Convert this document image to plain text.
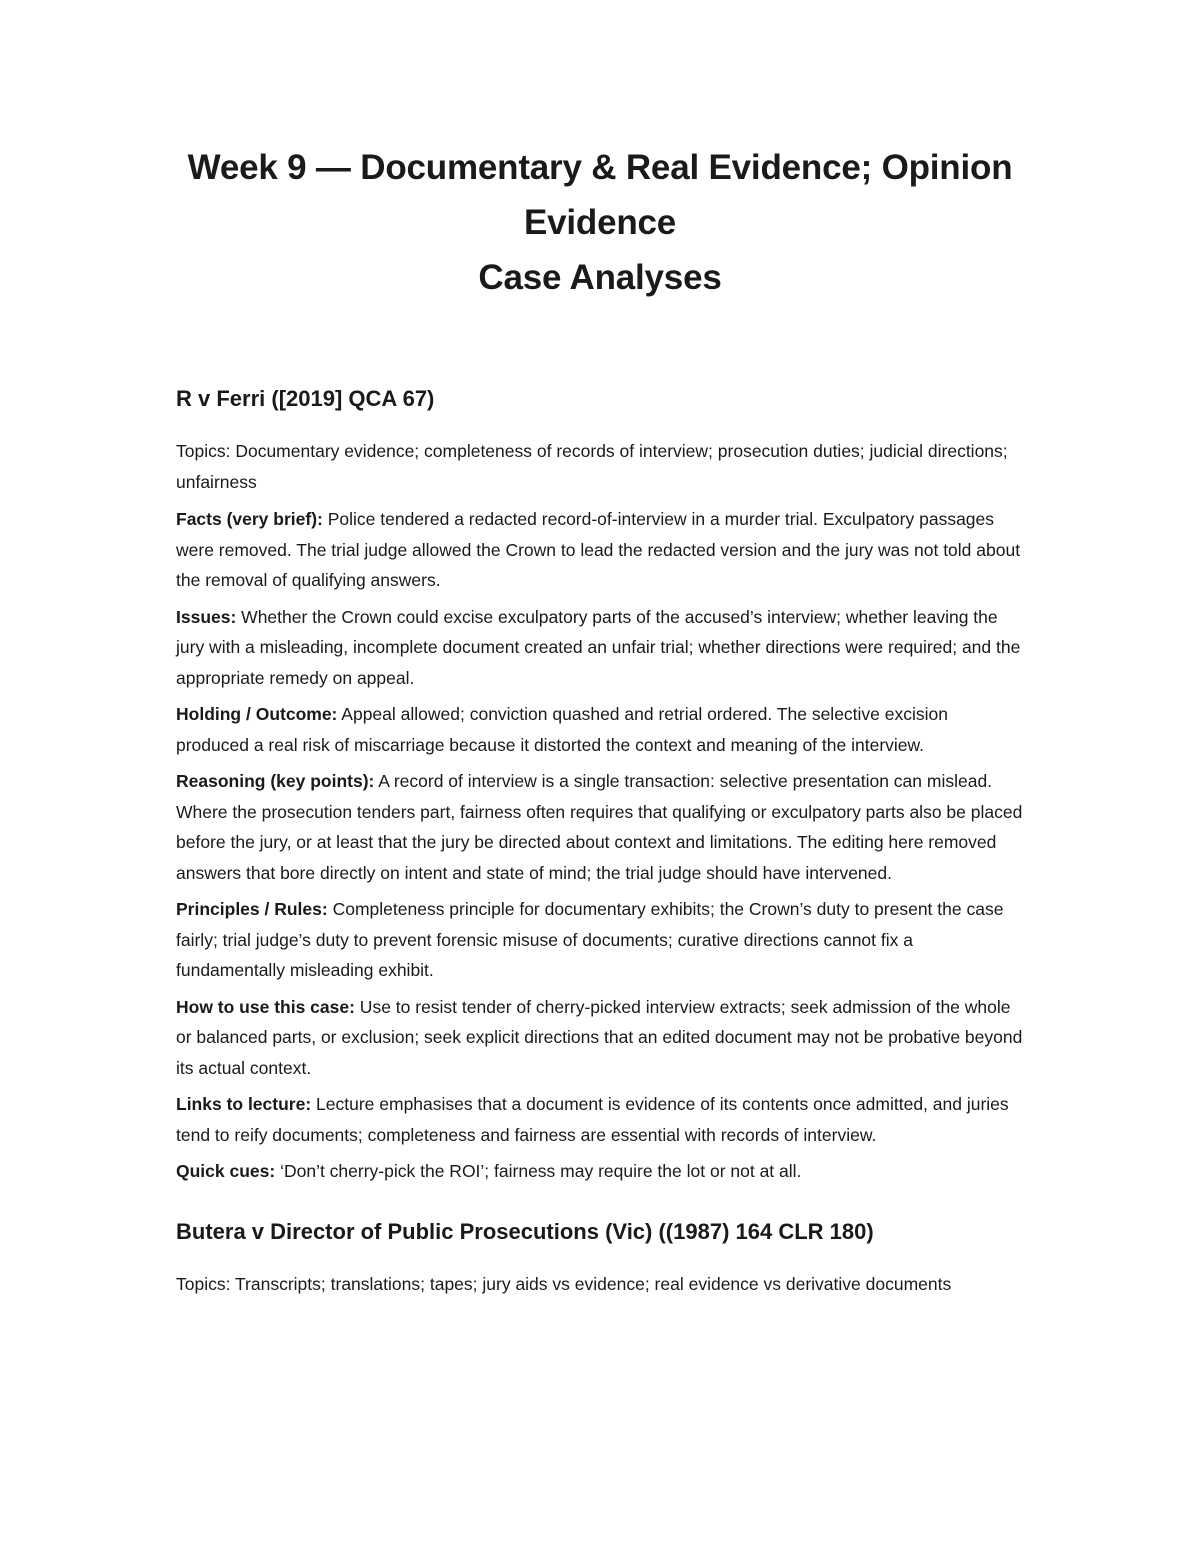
Week 9 — Documentary & Real Evidence; Opinion
Evidence
Case Analyses
R v Ferri ([2019] QCA 67)

Topics: Documentary evidence; completeness of records of interview; prosecution duties; judicial directions; unfairness

Facts (very brief): Police tendered a redacted record-of-interview in a murder trial. Exculpatory passages were removed. The trial judge allowed the Crown to lead the redacted version and the jury was not told about the removal of qualifying answers.

Issues: Whether the Crown could excise exculpatory parts of the accused’s interview; whether leaving the jury with a misleading, incomplete document created an unfair trial; whether directions were required; and the appropriate remedy on appeal.

Holding / Outcome: Appeal allowed; conviction quashed and retrial ordered. The selective excision produced a real risk of miscarriage because it distorted the context and meaning of the interview.

Reasoning (key points): A record of interview is a single transaction: selective presentation can mislead. Where the prosecution tenders part, fairness often requires that qualifying or exculpatory parts also be placed before the jury, or at least that the jury be directed about context and limitations. The editing here removed answers that bore directly on intent and state of mind; the trial judge should have intervened.

Principles / Rules: Completeness principle for documentary exhibits; the Crown’s duty to present the case fairly; trial judge’s duty to prevent forensic misuse of documents; curative directions cannot fix a fundamentally misleading exhibit.

How to use this case: Use to resist tender of cherry-picked interview extracts; seek admission of the whole or balanced parts, or exclusion; seek explicit directions that an edited document may not be probative beyond its actual context.

Links to lecture: Lecture emphasises that a document is evidence of its contents once admitted, and juries tend to reify documents; completeness and fairness are essential with records of interview.

Quick cues: ‘Don’t cherry-pick the ROI’; fairness may require the lot or not at all.

Butera v Director of Public Prosecutions (Vic) ((1987) 164 CLR 180)

Topics: Transcripts; translations; tapes; jury aids vs evidence; real evidence vs derivative documents
